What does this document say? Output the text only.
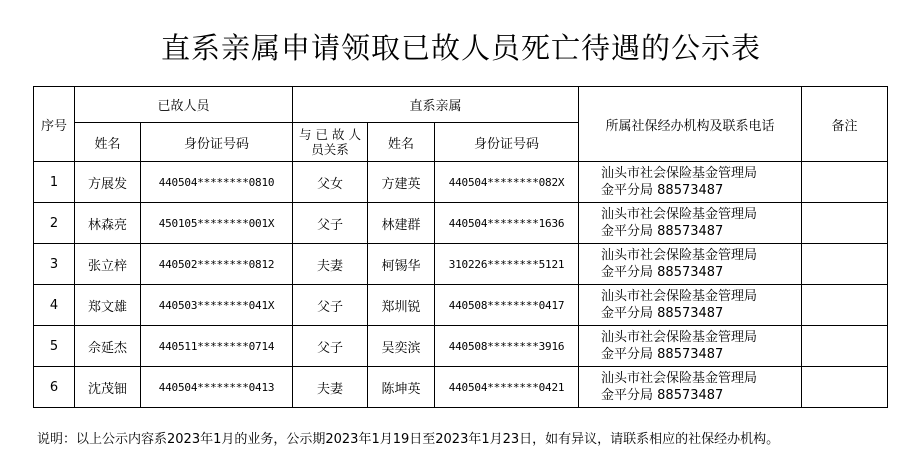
直系亲属申请领取已故人员死亡待遇的公示表
序号	已故人员		直系亲属			所属社保经办机构及联系电话	备注
	姓名	身份证号码	与 已 故 人员关系	姓名	身份证号码		
1	方展发	440504********0810	父女	方建英	440504********082X	汕头市社会保险基金管理局
金平分局 88573487	

2	林森亮	450105********001X	父子	林建群	440504********1636	汕头市社会保险基金管理局
金平分局 88573487	

3	张立梓	440502********0812	夫妻	柯锡华	310226********5121	汕头市社会保险基金管理局
金平分局 88573487	

4	郑文雄	440503********041X	父子	郑圳锐	440508********0417	汕头市社会保险基金管理局
金平分局 88573487	

5	佘延杰	440511********0714	父子	吴奕滨	440508********3916	汕头市社会保险基金管理局
金平分局 88573487	

6	沈茂钿	440504********0413	夫妻	陈坤英	440504********0421	汕头市社会保险基金管理局
金平分局 88573487	

说明：以上公示内容系2023年1月的业务，公示期2023年1月19日至2023年1月23日，如有异议，请联系相应的社保经办机构。
